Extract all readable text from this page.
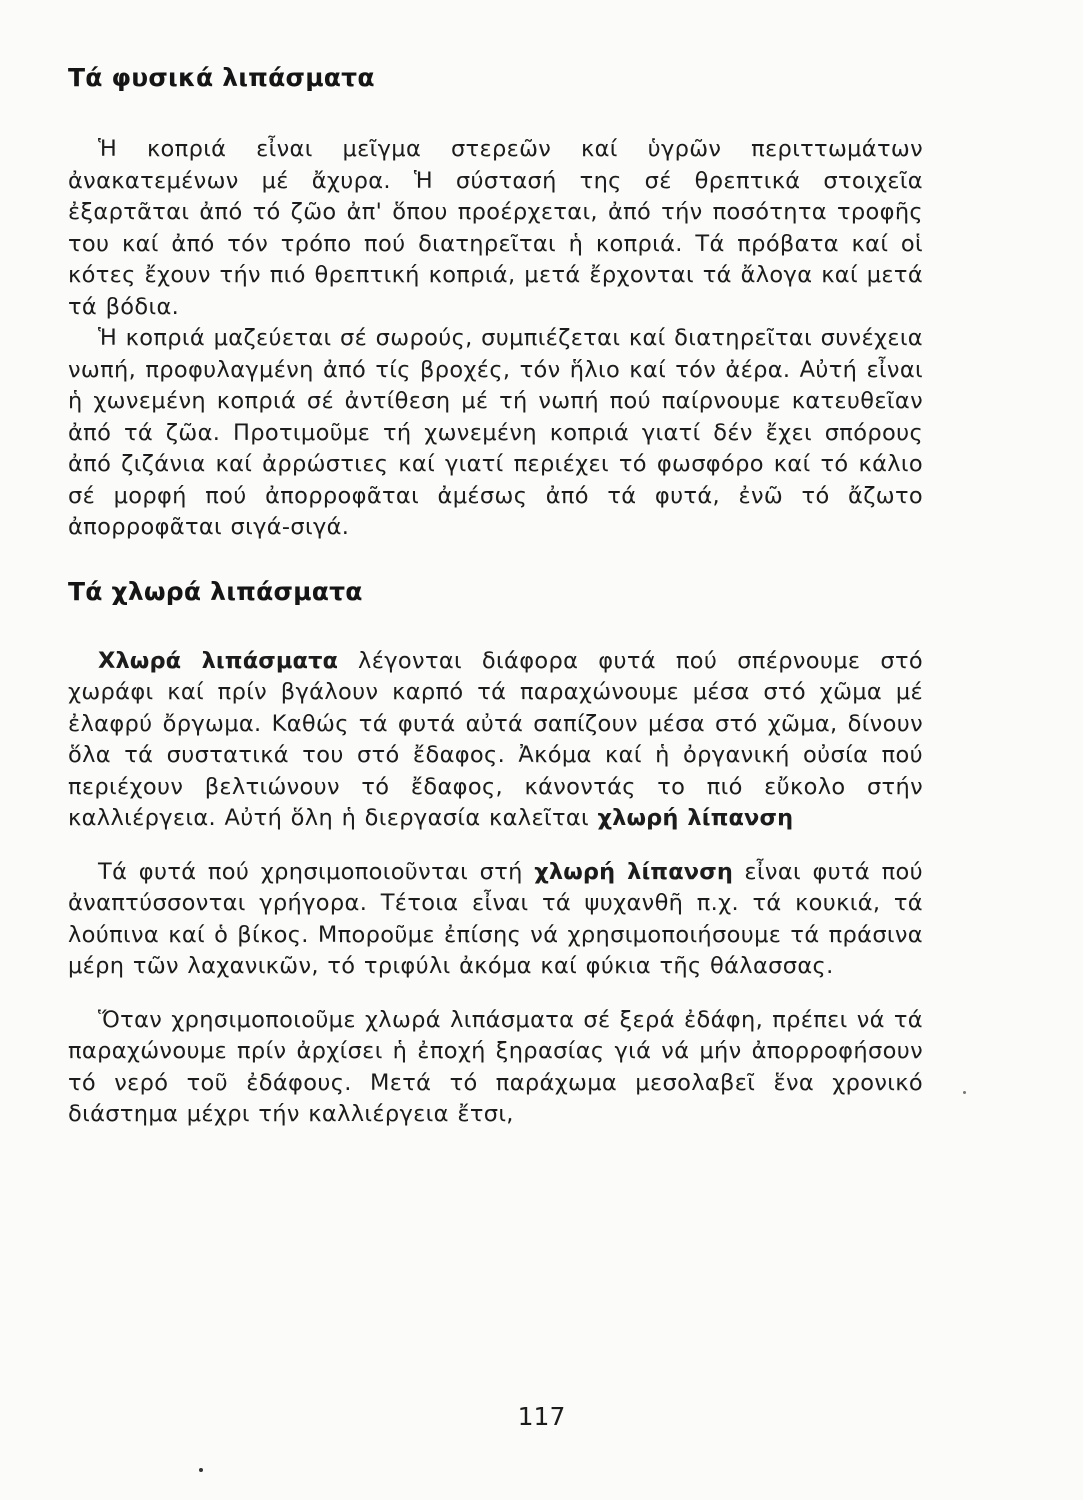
Τά φυσικά λιπάσματα

Ἡ κοπριά εἶναι μεῖγμα στερεῶν καί ὑγρῶν περιττωμάτων ἀνακατεμένων μέ ἄχυρα. Ἡ σύστασή της σέ θρεπτικά στοιχεῖα ἐξαρτᾶται ἀπό τό ζῶο ἀπ' ὅπου προέρχεται, ἀπό τήν ποσότητα τροφῆς του καί ἀπό τόν τρόπο πού διατηρεῖται ἡ κοπριά. Τά πρόβατα καί οἱ κότες ἔχουν τήν πιό θρεπτική κοπριά, μετά ἔρχονται τά ἄλογα καί μετά τά βόδια.

Ἡ κοπριά μαζεύεται σέ σωρούς, συμπιέζεται καί διατηρεῖται συνέχεια νωπή, προφυλαγμένη ἀπό τίς βροχές, τόν ἥλιο καί τόν ἀέρα. Αὐτή εἶναι ἡ χωνεμένη κοπριά σέ ἀντίθεση μέ τή νωπή πού παίρνουμε κατευθεῖαν ἀπό τά ζῶα. Προτιμοῦμε τή χωνεμένη κοπριά γιατί δέν ἔχει σπόρους ἀπό ζιζάνια καί ἀρρώστιες καί γιατί περιέχει τό φωσφόρο καί τό κάλιο σέ μορφή πού ἀπορροφᾶται ἀμέσως ἀπό τά φυτά, ἐνῶ τό ἄζωτο ἀπορροφᾶται σιγά-σιγά.

Τά χλωρά λιπάσματα

Χλωρά λιπάσματα λέγονται διάφορα φυτά πού σπέρνουμε στό χωράφι καί πρίν βγάλουν καρπό τά παραχώνουμε μέσα στό χῶμα μέ ἐλαφρύ ὄργωμα. Καθώς τά φυτά αὐτά σαπίζουν μέσα στό χῶμα, δίνουν ὅλα τά συστατικά του στό ἔδαφος. Ἀκόμα καί ἡ ὀργανική οὐσία πού περιέχουν βελτιώνουν τό ἔδαφος, κάνοντάς το πιό εὔκολο στήν καλλιέργεια. Αὐτή ὅλη ἡ διεργασία καλεῖται χλωρή λίπανση

Τά φυτά πού χρησιμοποιοῦνται στή χλωρή λίπανση εἶναι φυτά πού ἀναπτύσσονται γρήγορα. Τέτοια εἶναι τά ψυχανθῆ π.χ. τά κουκιά, τά λούπινα καί ὁ βίκος. Μποροῦμε ἐπίσης νά χρησιμοποιήσουμε τά πράσινα μέρη τῶν λαχανικῶν, τό τριφύλι ἀκόμα καί φύκια τῆς θάλασσας.

Ὅταν χρησιμοποιοῦμε χλωρά λιπάσματα σέ ξερά ἐδάφη, πρέπει νά τά παραχώνουμε πρίν ἀρχίσει ἡ ἐποχή ξηρασίας γιά νά μήν ἀπορροφήσουν τό νερό τοῦ ἐδάφους. Μετά τό παράχωμα μεσολαβεῖ ἕνα χρονικό διάστημα μέχρι τήν καλλιέργεια ἔτσι,

117
